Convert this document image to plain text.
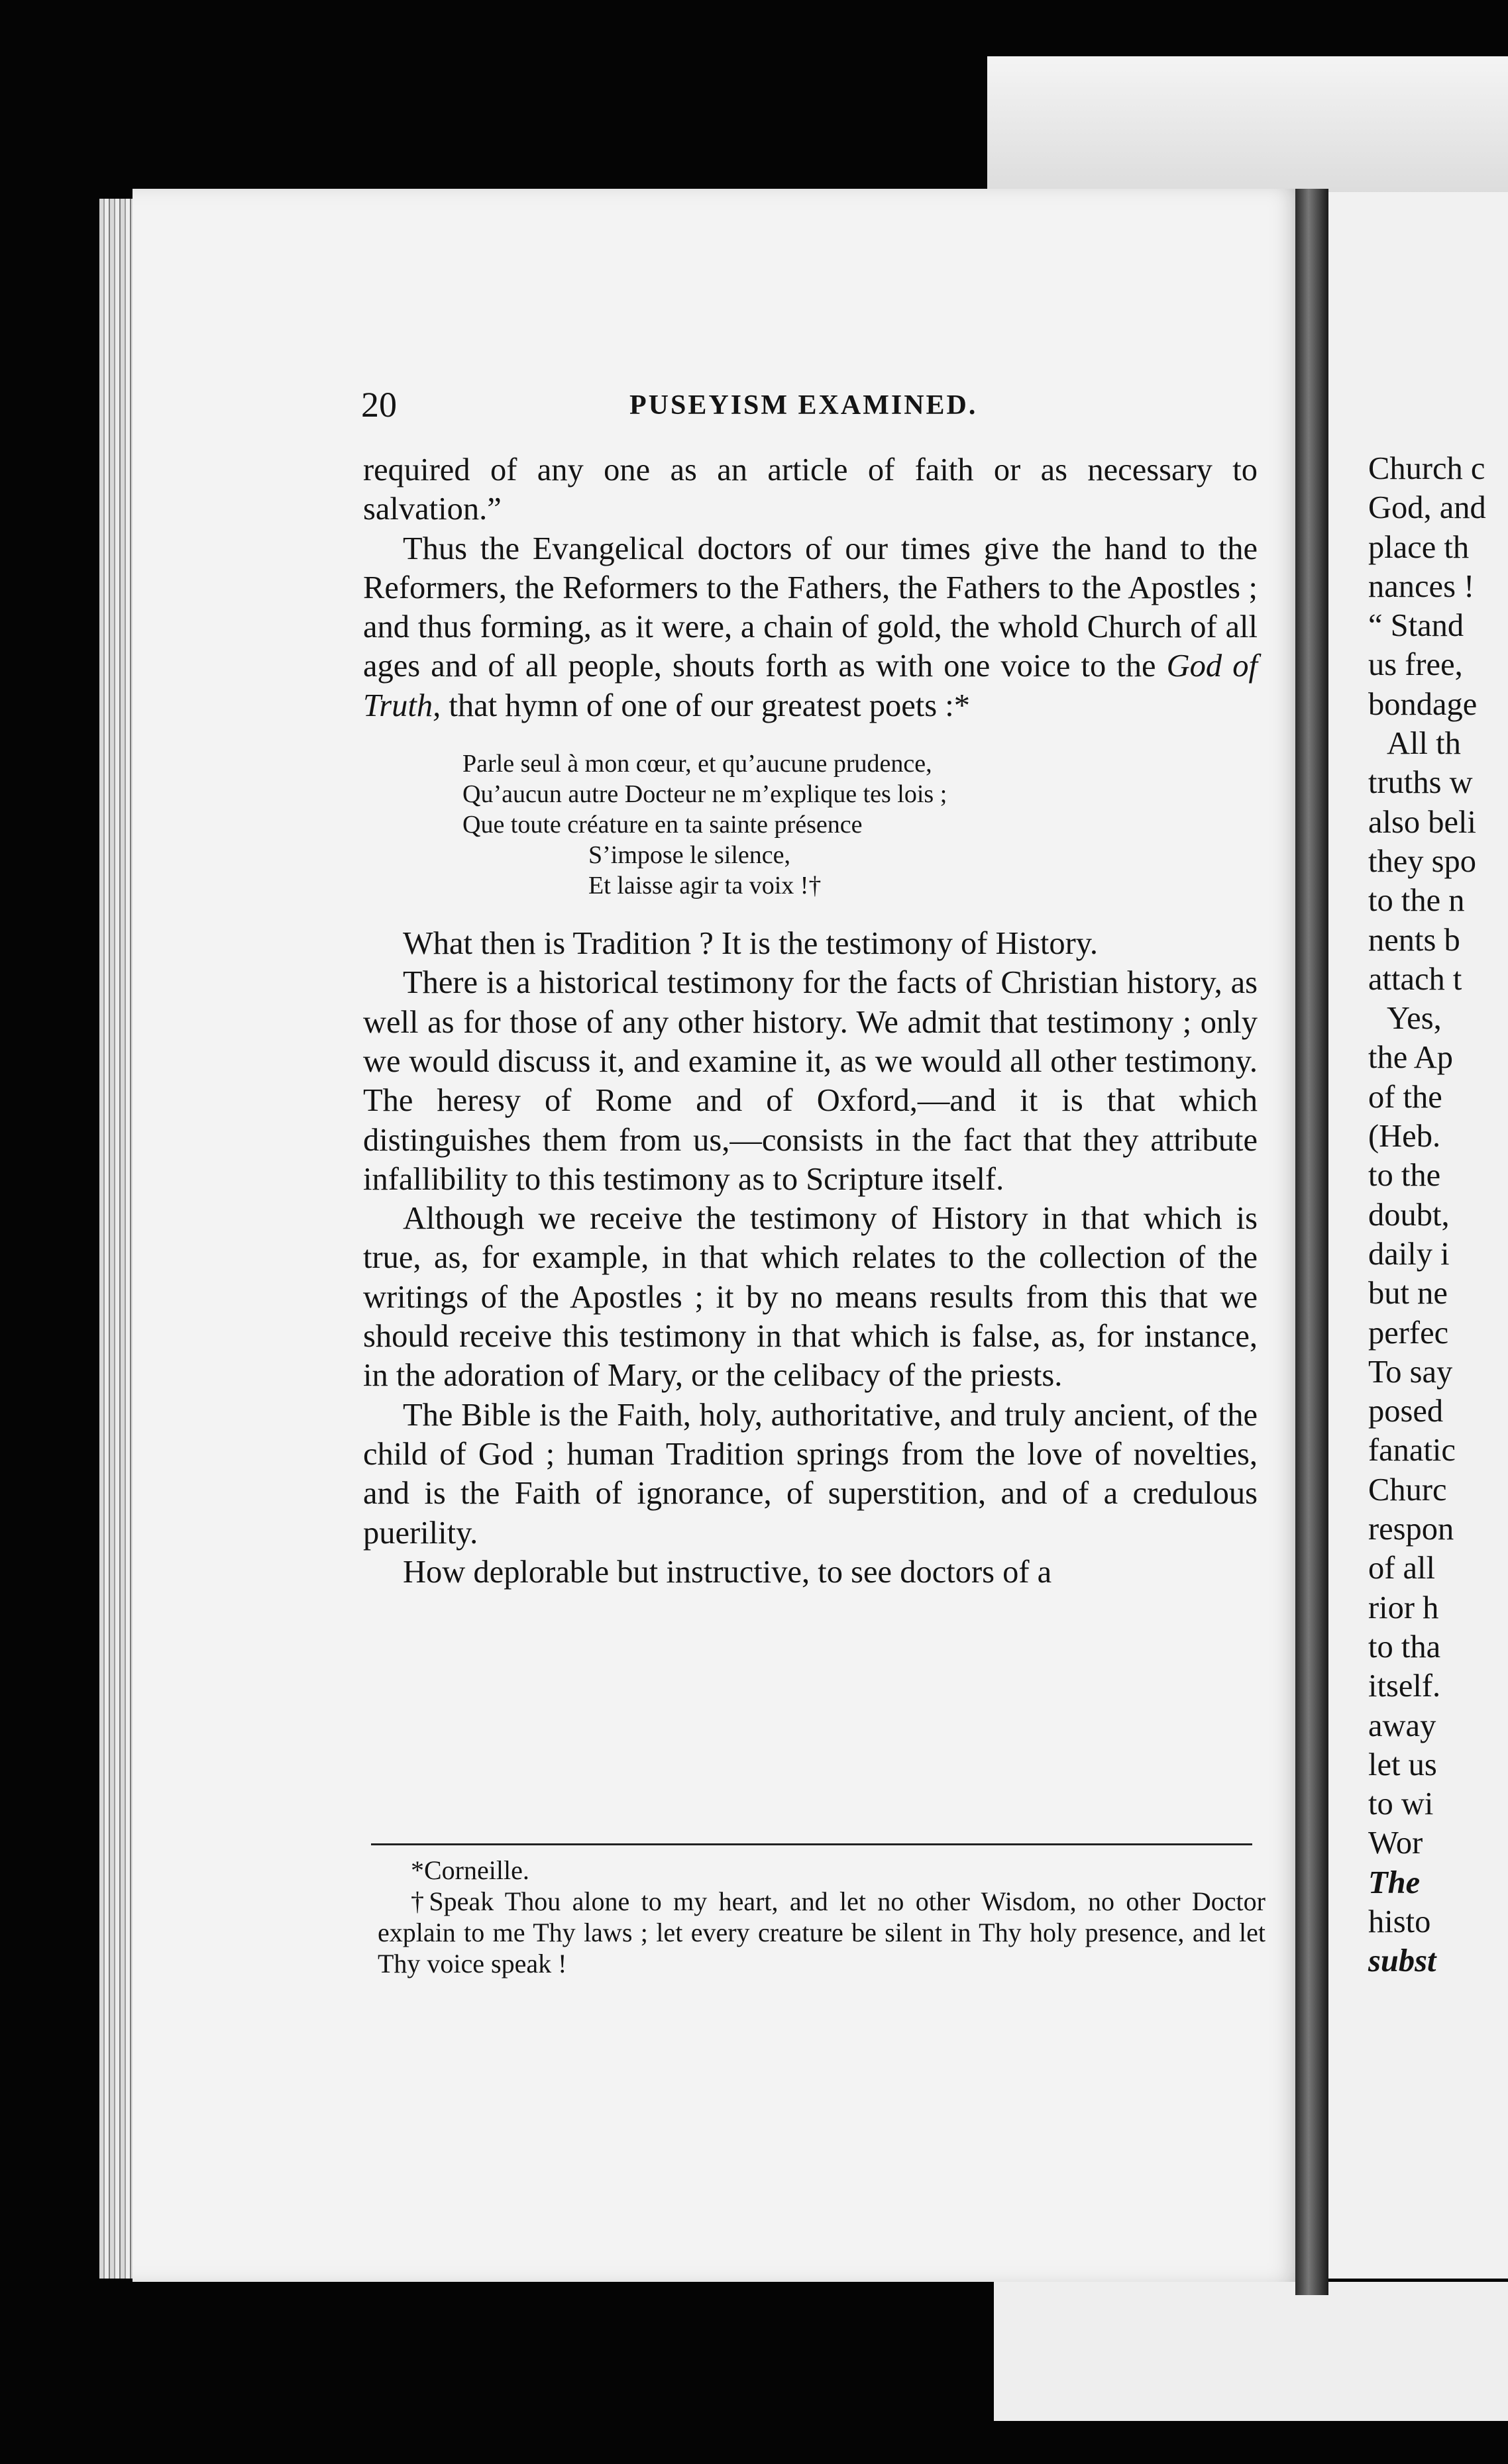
20	PUSEYISM EXAMINED.

required of any one as an article of faith or as necessary to salvation.”

Thus the Evangelical doctors of our times give the hand to the Reformers, the Reformers to the Fathers, the Fathers to the Apostles ; and thus forming, as it were, a chain of gold, the whold Church of all ages and of all people, shouts forth as with one voice to the God of Truth, that hymn of one of our greatest poets :*

Parle seul à mon cœur, et qu’aucune prudence,
Qu’aucun autre Docteur ne m’explique tes lois ;
Que toute créature en ta sainte présence
S’impose le silence,
Et laisse agir ta voix !†

What then is Tradition ? It is the testimony of History.

There is a historical testimony for the facts of Christian history, as well as for those of any other history. We admit that testimony ; only we would discuss it, and examine it, as we would all other testimony. The heresy of Rome and of Oxford,—and it is that which distinguishes them from us,—consists in the fact that they attribute infallibility to this testimony as to Scripture itself.

Although we receive the testimony of History in that which is true, as, for example, in that which relates to the collection of the writings of the Apostles ; it by no means results from this that we should receive this testimony in that which is false, as, for instance, in the adoration of Mary, or the celibacy of the priests.

The Bible is the Faith, holy, authoritative, and truly ancient, of the child of God ; human Tradition springs from the love of novelties, and is the Faith of ignorance, of superstition, and of a credulous puerility.

How deplorable but instructive, to see doctors of a

*Corneille.

†Speak Thou alone to my heart, and let no other Wisdom, no other Doctor explain to me Thy laws ; let every creature be silent in Thy holy presence, and let Thy voice speak !

Church c
God, and
place th
nances !
“ Stand
us free,
bondage
All th
truths w
also beli
they spo
to the n
nents b
attach t
Yes,
the Ap
of the
(Heb.
to the
doubt,
daily i
but ne
perfec
To say
posed
fanatic
Churc
respon
of all
rior h
to tha
itself.
away
let us
to wi
Wor
The
histo
subst
